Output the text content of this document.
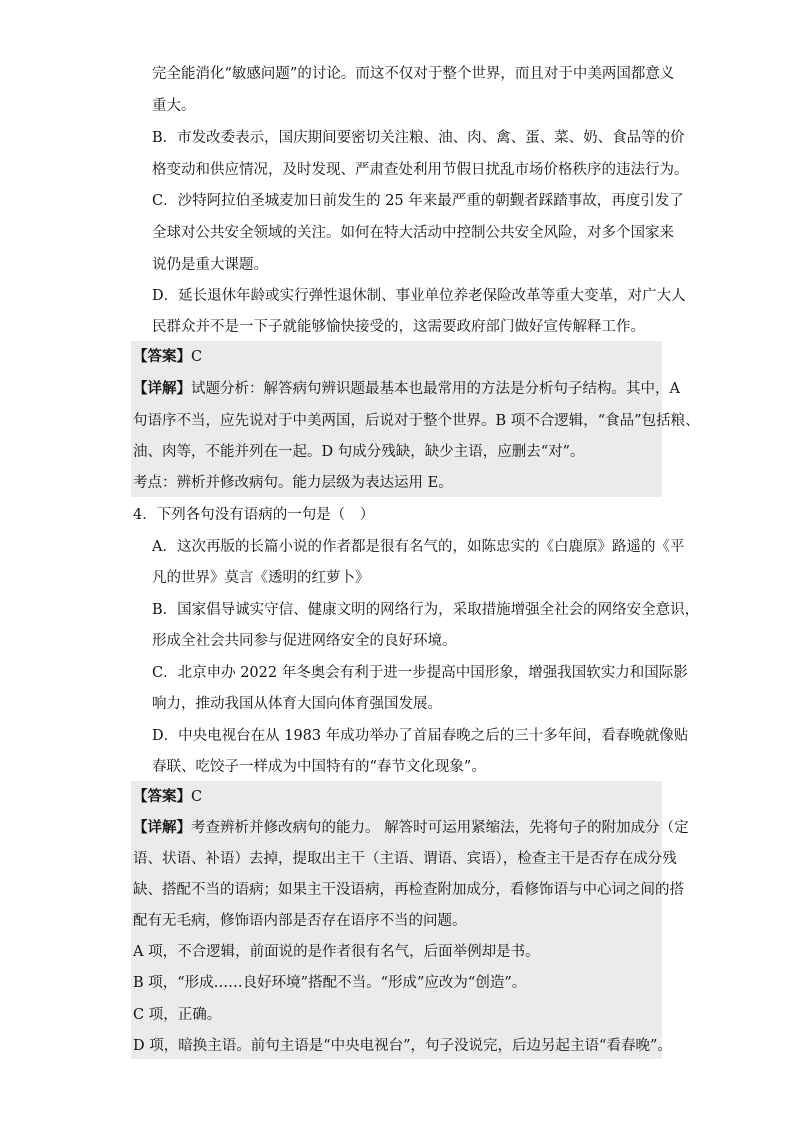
完全能消化“敏感问题”的讨论。而这不仅对于整个世界，而且对于中美两国都意义
重大。
B．市发改委表示，国庆期间要密切关注粮、油、肉、禽、蛋、菜、奶、食品等的价
格变动和供应情况，及时发现、严肃查处利用节假日扰乱市场价格秩序的违法行为。
C．沙特阿拉伯圣城麦加日前发生的 25 年来最严重的朝觐者踩踏事故，再度引发了
全球对公共安全领域的关注。如何在特大活动中控制公共安全风险，对多个国家来
说仍是重大课题。
D．延长退休年龄或实行弹性退休制、事业单位养老保险改革等重大变革，对广大人
民群众并不是一下子就能够愉快接受的，这需要政府部门做好宣传解释工作。
【答案】C
【详解】试题分析：解答病句辨识题最基本也最常用的方法是分析句子结构。其中，A
句语序不当，应先说对于中美两国，后说对于整个世界。B 项不合逻辑，“食品”包括粮、
油、肉等，不能并列在一起。D 句成分残缺，缺少主语，应删去“对”。
考点：辨析并修改病句。能力层级为表达运用 E。
4．下列各句没有语病的一句是（　）
A．这次再版的长篇小说的作者都是很有名气的，如陈忠实的《白鹿原》路遥的《平
凡的世界》莫言《透明的红萝卜》
B．国家倡导诚实守信、健康文明的网络行为，采取措施增强全社会的网络安全意识，
形成全社会共同参与促进网络安全的良好环境。
C．北京申办 2022 年冬奥会有利于进一步提高中国形象，增强我国软实力和国际影
响力，推动我国从体育大国向体育强国发展。
D．中央电视台在从 1983 年成功举办了首届春晚之后的三十多年间，看春晚就像贴
春联、吃饺子一样成为中国特有的“春节文化现象”。
【答案】C
【详解】考查辨析并修改病句的能力。 解答时可运用紧缩法，先将句子的附加成分（定
语、状语、补语）去掉，提取出主干（主语、谓语、宾语），检查主干是否存在成分残
缺、搭配不当的语病；如果主干没语病，再检查附加成分，看修饰语与中心词之间的搭
配有无毛病，修饰语内部是否存在语序不当的问题。
A 项，不合逻辑，前面说的是作者很有名气，后面举例却是书。
B 项，“形成……良好环境”搭配不当。“形成”应改为“创造”。
C 项，正确。
D 项，暗换主语。前句主语是“中央电视台”，句子没说完，后边另起主语“看春晚”。
